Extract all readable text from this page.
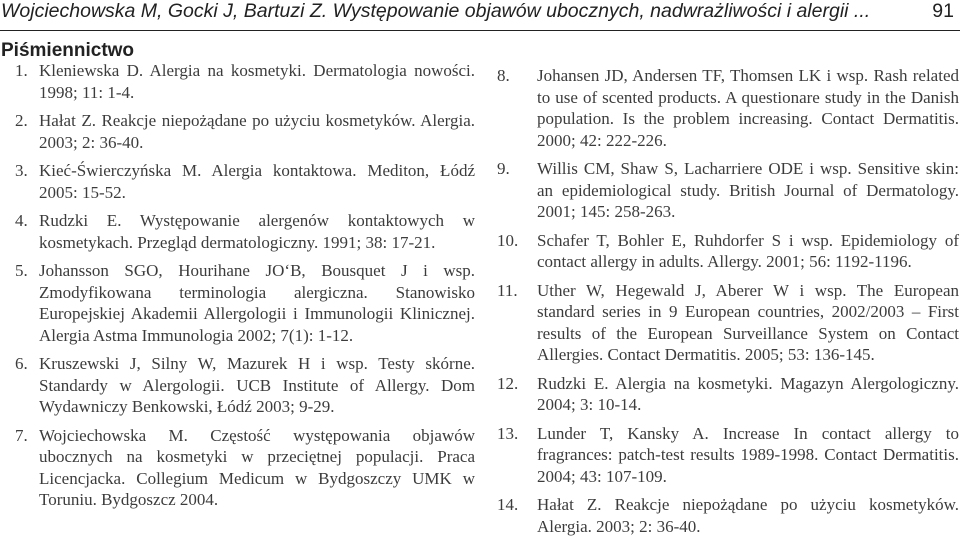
Wojciechowska M, Gocki J, Bartuzi Z. Występowanie objawów ubocznych, nadwrażliwości i alergii ...	91
Piśmiennictwo
1. Kleniewska D. Alergia na kosmetyki. Dermatologia nowości. 1998; 11: 1-4.
2. Hałat Z. Reakcje niepożądane po użyciu kosmetyków. Alergia. 2003; 2: 36-40.
3. Kieć-Świerczyńska M. Alergia kontaktowa. Mediton, Łódź 2005: 15-52.
4. Rudzki E. Występowanie alergenów kontaktowych w kosmetykach. Przegląd dermatologiczny. 1991; 38: 17-21.
5. Johansson SGO, Hourihane JO‘B, Bousquet J i wsp. Zmodyfikowana terminologia alergiczna. Stanowisko Europejskiej Akademii Allergologii i Immunologii Klinicznej. Alergia Astma Immunologia 2002; 7(1): 1-12.
6. Kruszewski J, Silny W, Mazurek H i wsp. Testy skórne. Standardy w Alergologii. UCB Institute of Allergy. Dom Wydawniczy Benkowski, Łódź 2003; 9-29.
7. Wojciechowska M. Częstość występowania objawów ubocznych na kosmetyki w przeciętnej populacji. Praca Licencjacka. Collegium Medicum w Bydgoszczy UMK w Toruniu. Bydgoszcz 2004.
8. Johansen JD, Andersen TF, Thomsen LK i wsp. Rash related to use of scented products. A questionare study in the Danish population. Is the problem increasing. Contact Dermatitis. 2000; 42: 222-226.
9. Willis CM, Shaw S, Lacharriere ODE i wsp. Sensitive skin: an epidemiological study. British Journal of Dermatology. 2001; 145: 258-263.
10. Schafer T, Bohler E, Ruhdorfer S i wsp. Epidemiology of contact allergy in adults. Allergy. 2001; 56: 1192-1196.
11. Uther W, Hegewald J, Aberer W i wsp. The European standard series in 9 European countries, 2002/2003 – First results of the European Surveillance System on Contact Allergies. Contact Dermatitis. 2005; 53: 136-145.
12. Rudzki E. Alergia na kosmetyki. Magazyn Alergologiczny. 2004; 3: 10-14.
13. Lunder T, Kansky A. Increase In contact allergy to fragrances: patch-test results 1989-1998. Contact Dermatitis. 2004; 43: 107-109.
14. Hałat Z. Reakcje niepożądane po użyciu kosmetyków. Alergia. 2003; 2: 36-40.
